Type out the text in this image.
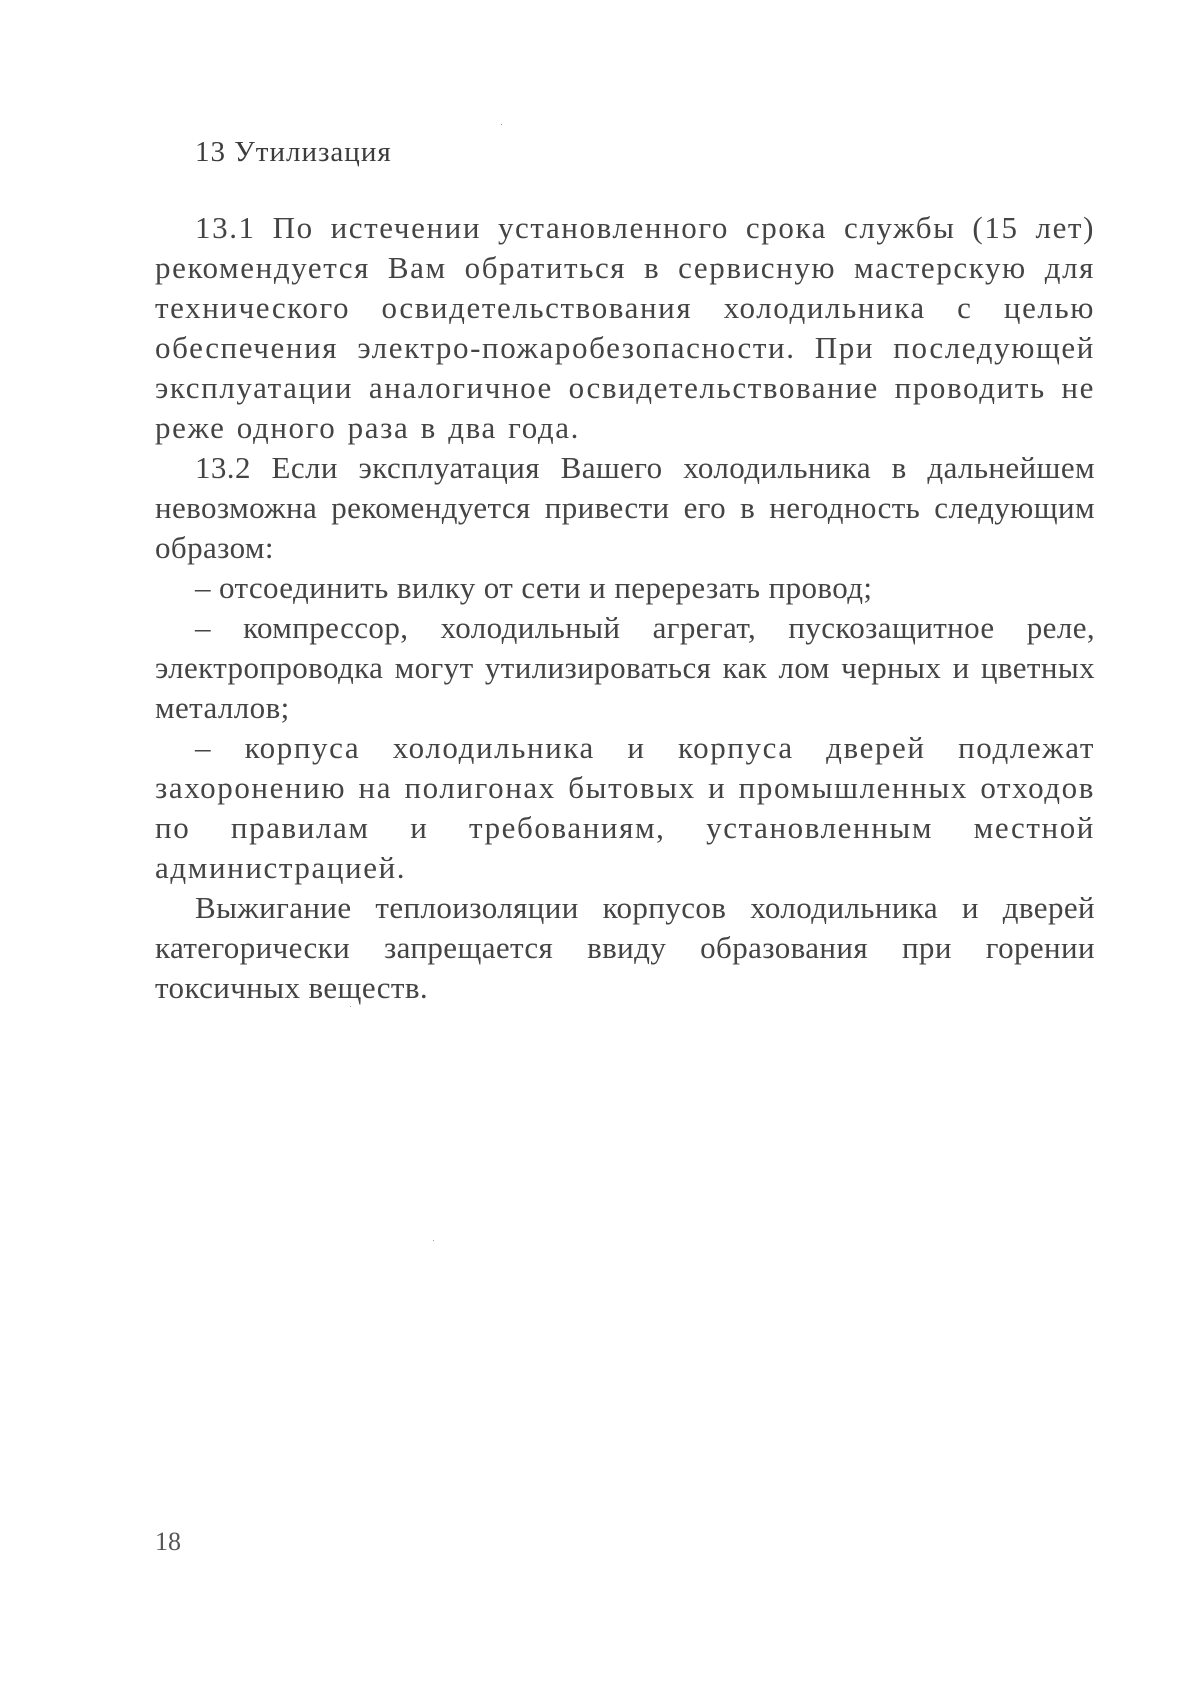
13 Утилизация

13.1 По истечении установленного срока службы (15 лет) рекомендуется Вам обратиться в сервисную мастерскую для технического освидетельствования холодильника с целью обеспечения электро-пожаробезопасности. При последующей эксплуатации аналогичное освидетельствование проводить не реже одного раза в два года.

13.2 Если эксплуатация Вашего холодильника в дальнейшем невозможна рекомендуется привести его в негодность следующим образом:

– отсоединить вилку от сети и перерезать провод;

– компрессор, холодильный агрегат, пускозащитное реле, электропроводка могут утилизироваться как лом черных и цветных металлов;

– корпуса холодильника и корпуса дверей подлежат захоронению на полигонах бытовых и промышленных отходов по правилам и требованиям, установленным местной администрацией.

Выжигание теплоизоляции корпусов холодильника и дверей категорически запрещается ввиду образования при горении токсичных веществ.

18
